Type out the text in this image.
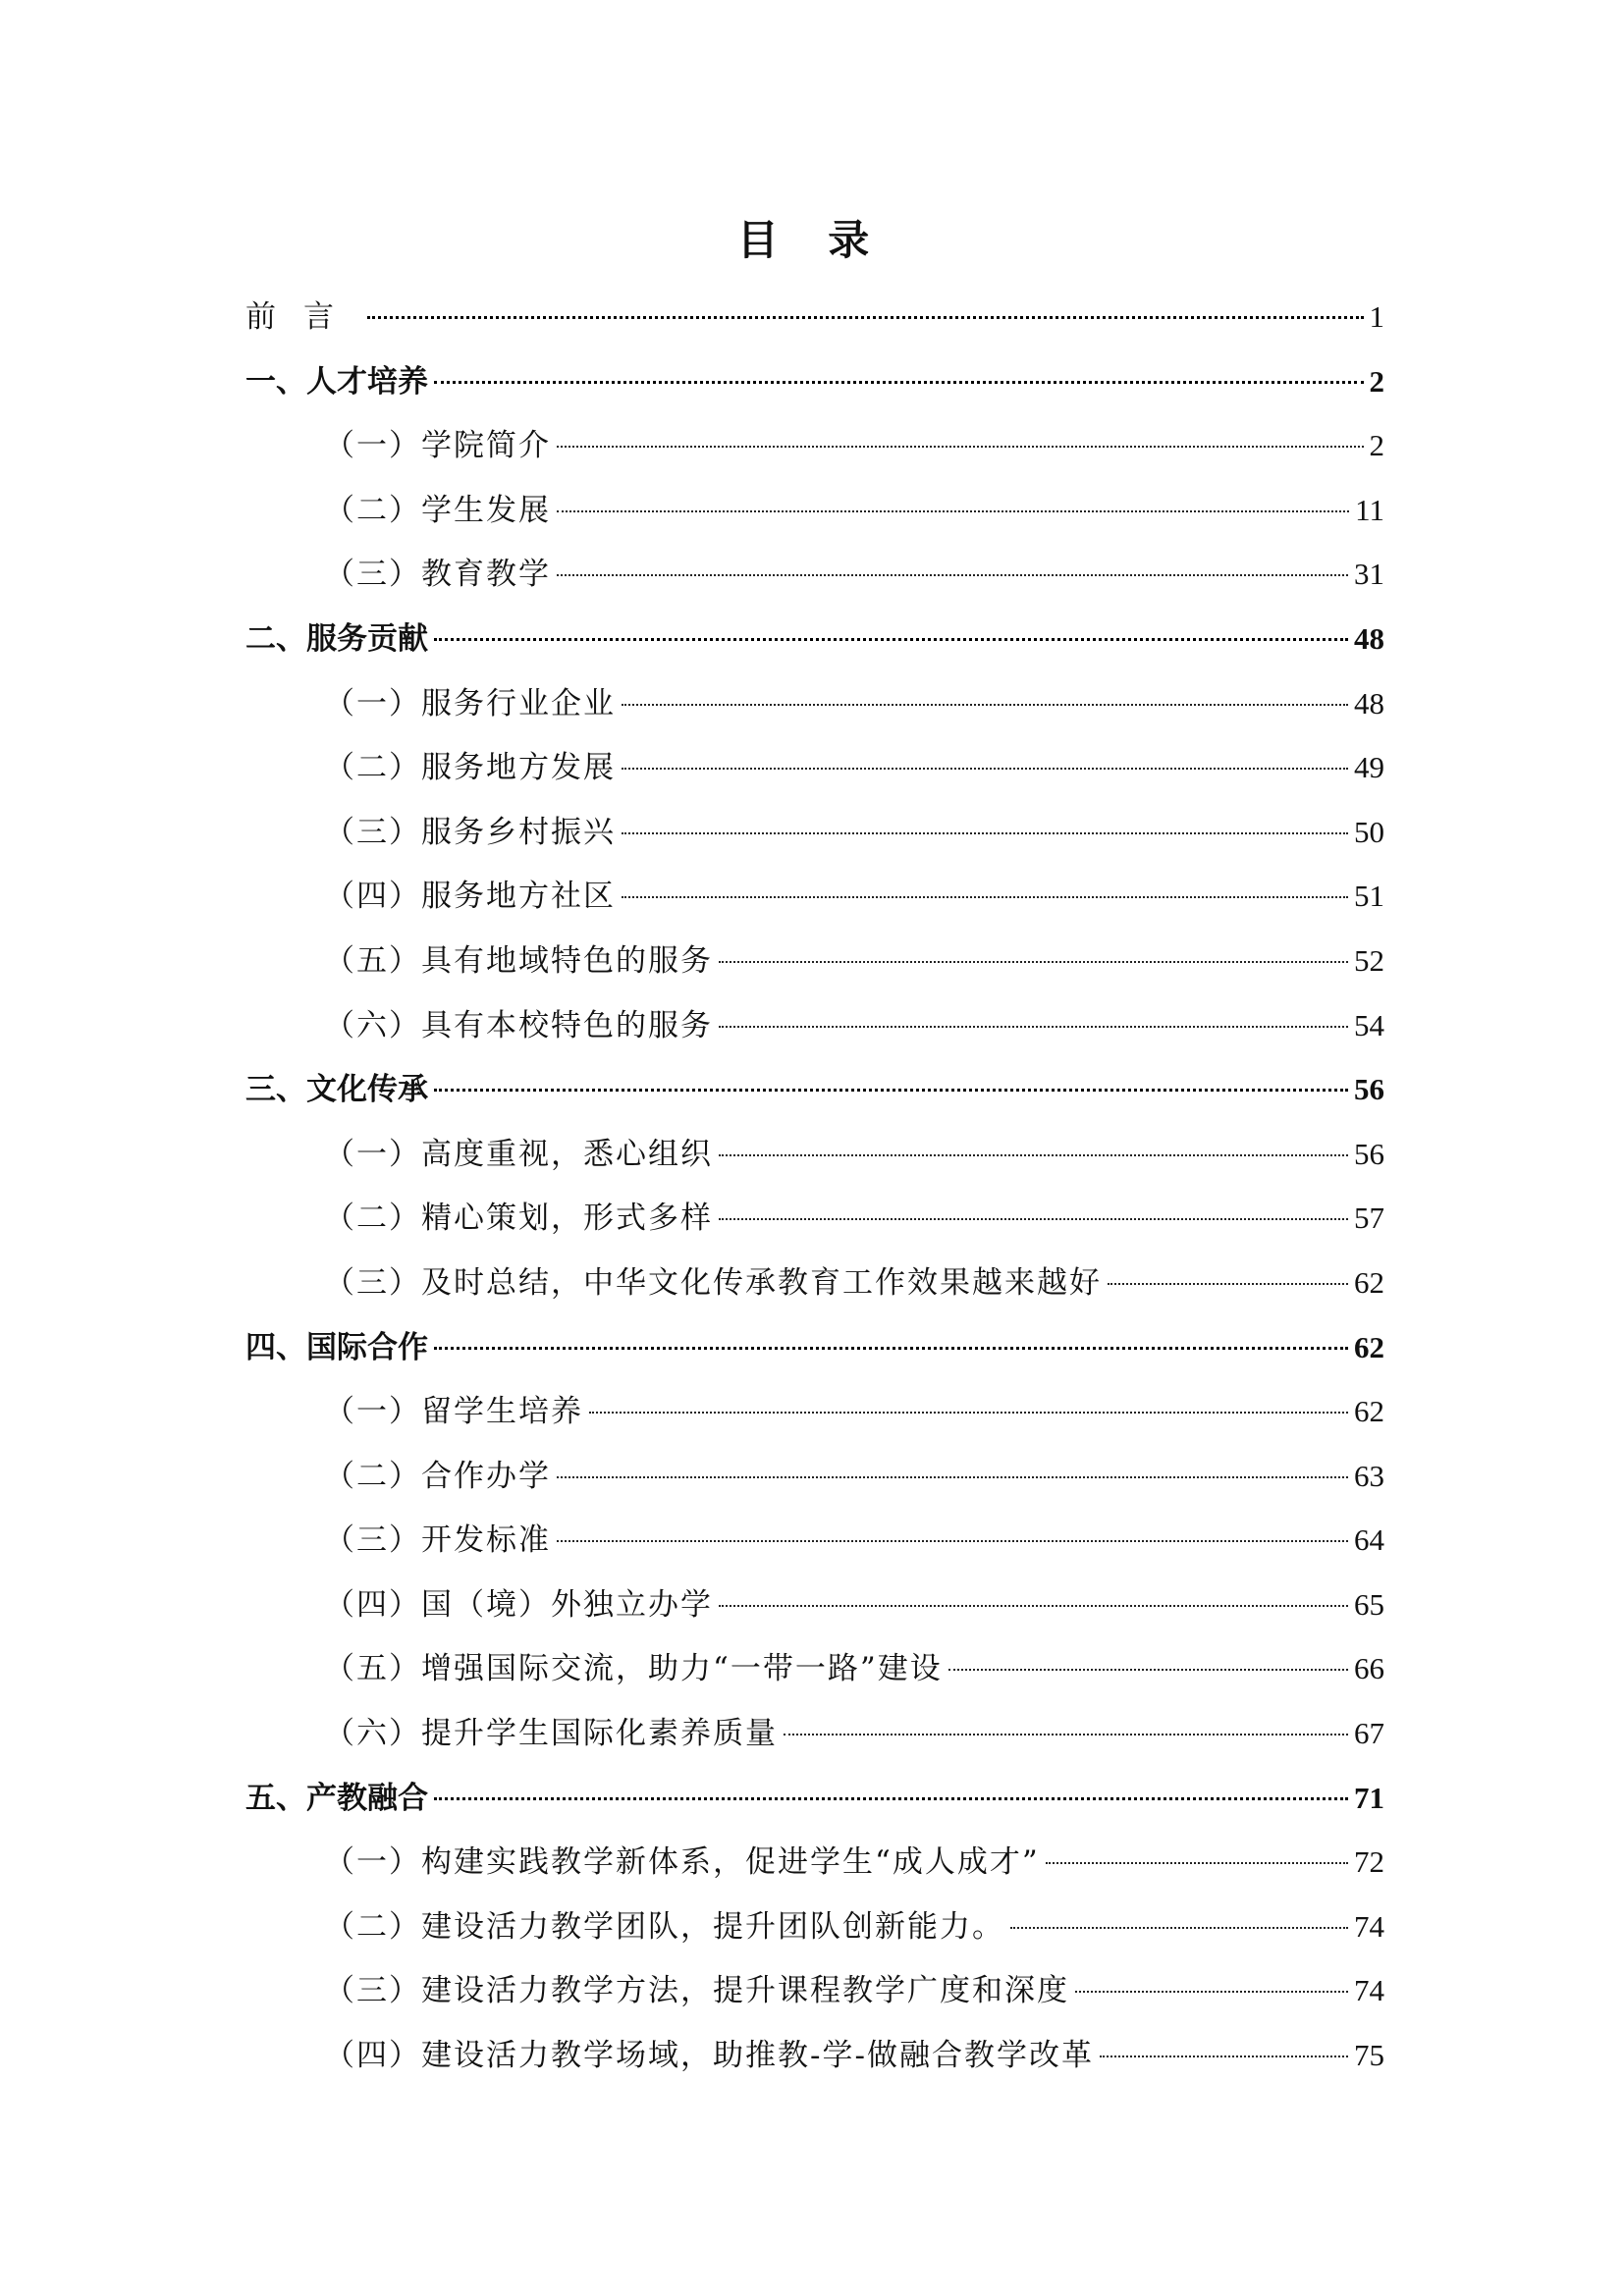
目 录
前言	1
一、人才培养	2
（一）学院简介	2
（二）学生发展	11
（三）教育教学	31
二、服务贡献	48
（一）服务行业企业	48
（二）服务地方发展	49
（三）服务乡村振兴	50
（四）服务地方社区	51
（五）具有地域特色的服务	52
（六）具有本校特色的服务	54
三、文化传承	56
（一）高度重视，悉心组织	56
（二）精心策划，形式多样	57
（三）及时总结，中华文化传承教育工作效果越来越好	62
四、国际合作	62
（一）留学生培养	62
（二）合作办学	63
（三）开发标准	64
（四）国（境）外独立办学	65
（五）增强国际交流，助力“一带一路”建设	66
（六）提升学生国际化素养质量	67
五、产教融合	71
（一）构建实践教学新体系，促进学生“成人成才”	72
（二）建设活力教学团队，提升团队创新能力。	74
（三）建设活力教学方法，提升课程教学广度和深度	74
（四）建设活力教学场域，助推教-学-做融合教学改革	75
